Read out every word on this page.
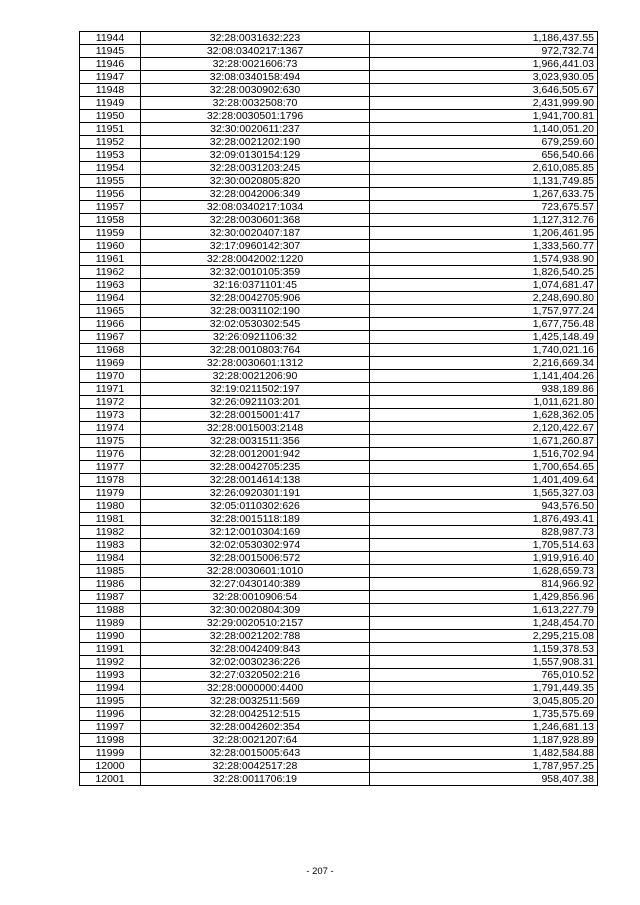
11944	32:28:0031632:223	1,186,437.55
11945	32:08:0340217:1367	972,732.74
11946	32:28:0021606:73	1,966,441.03
11947	32:08:0340158:494	3,023,930.05
11948	32:28:0030902:630	3,646,505.67
11949	32:28:0032508:70	2,431,999.90
11950	32:28:0030501:1796	1,941,700.81
11951	32:30:0020611:237	1,140,051.20
11952	32:28:0021202:190	679,259.60
11953	32:09:0130154:129	656,540.66
11954	32:28:0031203:245	2,610,085.85
11955	32:30:0020805:820	1,131,749.85
11956	32:28:0042006:349	1,267,633.75
11957	32:08:0340217:1034	723,675.57
11958	32:28:0030601:368	1,127,312.76
11959	32:30:0020407:187	1,206,461.95
11960	32:17:0960142:307	1,333,560.77
11961	32:28:0042002:1220	1,574,938.90
11962	32:32:0010105:359	1,826,540.25
11963	32:16:0371101:45	1,074,681.47
11964	32:28:0042705:906	2,248,690.80
11965	32:28:0031102:190	1,757,977.24
11966	32:02:0530302:545	1,677,756.48
11967	32:26:0921106:32	1,425,148.49
11968	32:28:0010803:764	1,740,021.16
11969	32:28:0030601:1312	2,216,669.34
11970	32:28:0021206:90	1,141,404.26
11971	32:19:0211502:197	938,189.86
11972	32:26:0921103:201	1,011,621.80
11973	32:28:0015001:417	1,628,362.05
11974	32:28:0015003:2148	2,120,422.67
11975	32:28:0031511:356	1,671,260.87
11976	32:28:0012001:942	1,516,702.94
11977	32:28:0042705:235	1,700,654.65
11978	32:28:0014614:138	1,401,409.64
11979	32:26:0920301:191	1,565,327.03
11980	32:05:0110302:626	943,576.50
11981	32:28:0015118:189	1,876,493.41
11982	32:12:0010304:169	828,987.73
11983	32:02:0530302:974	1,705,514.63
11984	32:28:0015006:572	1,919,916.40
11985	32:28:0030601:1010	1,628,659.73
11986	32:27:0430140:389	814,966.92
11987	32:28:0010906:54	1,429,856.96
11988	32:30:0020804:309	1,613,227.79
11989	32:29:0020510:2157	1,248,454.70
11990	32:28:0021202:788	2,295,215.08
11991	32:28:0042409:843	1,159,378.53
11992	32:02:0030236:226	1,557,908.31
11993	32:27:0320502:216	765,010.52
11994	32:28:0000000:4400	1,791,449.35
11995	32:28:0032511:569	3,045,805.20
11996	32:28:0042512:515	1,735,575.69
11997	32:28:0042602:354	1,246,681.13
11998	32:28:0021207:64	1,187,928.89
11999	32:28:0015005:643	1,482,584.88
12000	32:28:0042517:28	1,787,957.25
12001	32:28:0011706:19	958,407.38
- 207 -
